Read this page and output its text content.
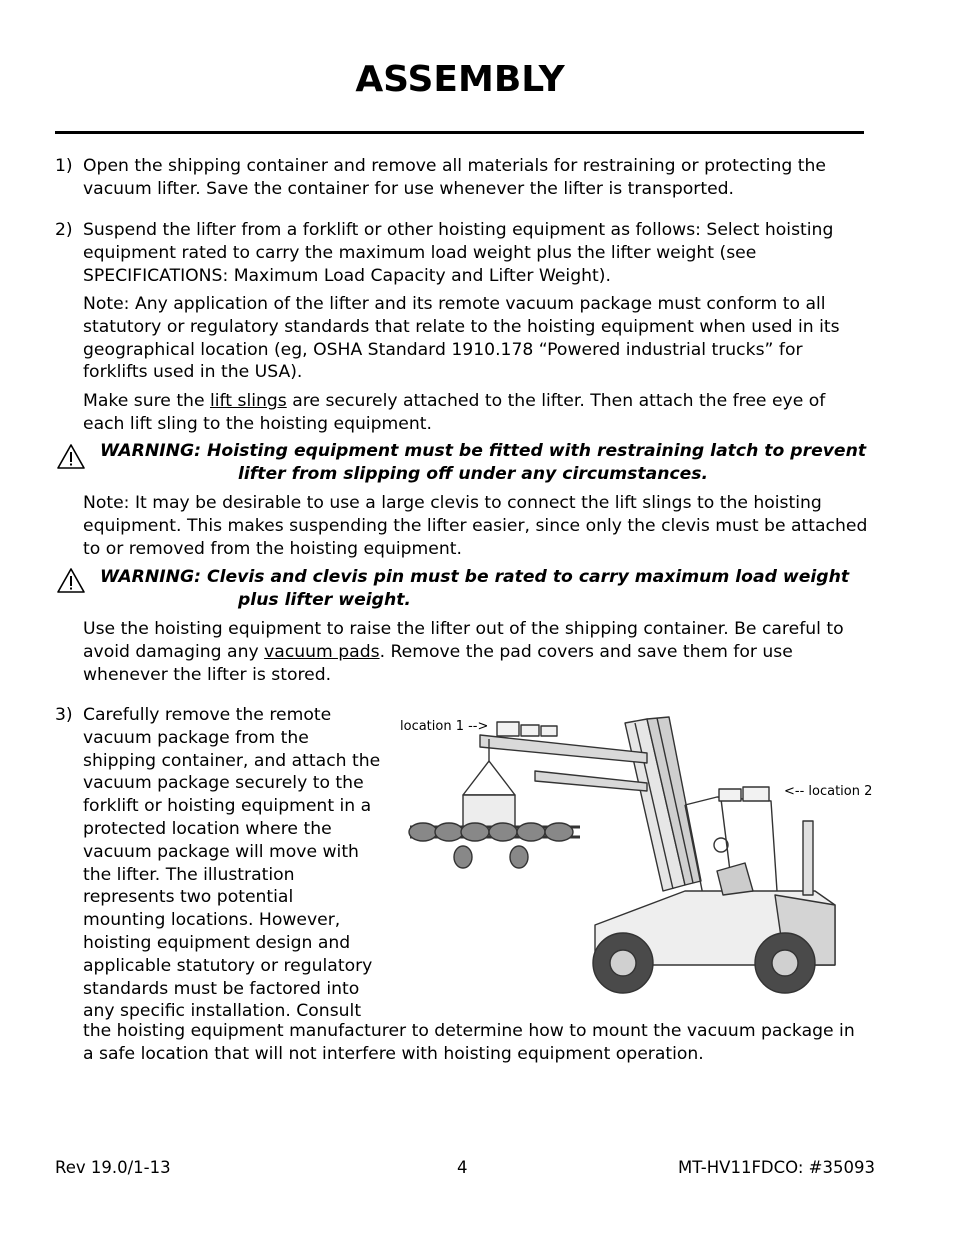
ASSEMBLY
1) Open the shipping container and remove all materials for restraining or protecting the vacuum lifter. Save the container for use whenever the lifter is transported.

2) Suspend the lifter from a forklift or other hoisting equipment as follows: Select hoisting equipment rated to carry the maximum load weight plus the lifter weight (see SPECIFICATIONS: Maximum Load Capacity and Lifter Weight).

Note: Any application of the lifter and its remote vacuum package must conform to all statutory or regulatory standards that relate to the hoisting equipment when used in its geographical location (eg, OSHA Standard 1910.178 “Powered industrial trucks” for forklifts used in the USA).

Make sure the lift slings are securely attached to the lifter. Then attach the free eye of each lift sling to the hoisting equipment.

WARNING: Hoisting equipment must be fitted with restraining latch to prevent
lifter from slipping off under any circumstances.

Note: It may be desirable to use a large clevis to connect the lift slings to the hoisting equipment. This makes suspending the lifter easier, since only the clevis must be attached to or removed from the hoisting equipment.

WARNING: Clevis and clevis pin must be rated to carry maximum load weight
plus lifter weight.

Use the hoisting equipment to raise the lifter out of the shipping container. Be careful to avoid damaging any vacuum pads. Remove the pad covers and save them for use whenever the lifter is stored.

3) Carefully remove the remote
vacuum package from the
shipping container, and attach the
vacuum package securely to the
forklift or hoisting equipment in a
protected location where the
vacuum package will move with
the lifter. The illustration
represents two potential
mounting locations. However,
hoisting equipment design and
applicable statutory or regulatory
standards must be factored into
any specific installation. Consult

the hoisting equipment manufacturer to determine how to mount the vacuum package in a safe location that will not interfere with hoisting equipment operation.

location 1 -->
<-- location 2
Rev 19.0/1-13	4	MT-HV11FDCO: #35093
